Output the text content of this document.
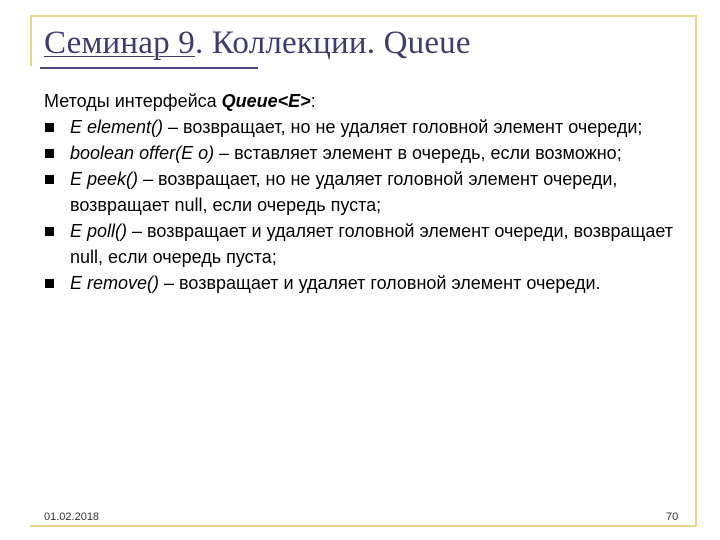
Семинар 9. Коллекции. Queue

Методы интерфейса Queue<E>:

E element() – возвращает, но не удаляет головной элемент очереди;
boolean offer(E o) – вставляет элемент в очередь, если возможно;
E peek() – возвращает, но не удаляет головной элемент очереди, возвращает null, если очередь пуста;
E poll() – возвращает и удаляет головной элемент очереди, возвращает null, если очередь пуста;
E remove() – возвращает и удаляет головной элемент очереди.
01.02.2018	70
